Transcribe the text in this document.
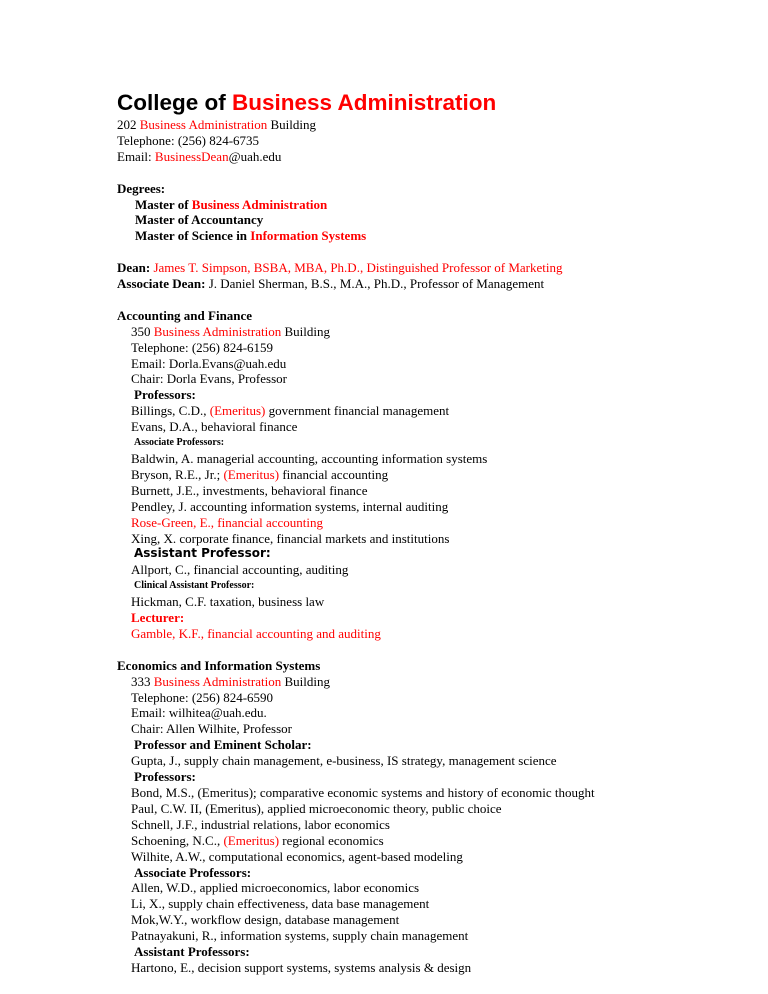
College of Business Administration
202 Business Administration Building
Telephone: (256) 824-6735
Email: BusinessDean@uah.edu
Degrees:
Master of Business Administration
Master of Accountancy
Master of Science in Information Systems
Dean: James T. Simpson, BSBA, MBA, Ph.D., Distinguished Professor of Marketing
Associate Dean: J. Daniel Sherman, B.S., M.A., Ph.D., Professor of Management
Accounting and Finance
350 Business Administration Building
Telephone: (256) 824-6159
Email: Dorla.Evans@uah.edu
Chair: Dorla Evans, Professor
Professors:
Billings, C.D., (Emeritus) government financial management
Evans, D.A., behavioral finance
Associate Professors:
Baldwin, A. managerial accounting, accounting information systems
Bryson, R.E., Jr.; (Emeritus) financial accounting
Burnett, J.E., investments, behavioral finance
Pendley, J. accounting information systems, internal auditing
Rose-Green, E., financial accounting
Xing, X. corporate finance, financial markets and institutions
Assistant Professor:
Allport, C., financial accounting, auditing
Clinical Assistant Professor:
Hickman, C.F. taxation, business law
Lecturer:
Gamble, K.F., financial accounting and auditing
Economics and Information Systems
333 Business Administration Building
Telephone: (256) 824-6590
Email: wilhitea@uah.edu.
Chair: Allen Wilhite, Professor
Professor and Eminent Scholar:
Gupta, J., supply chain management, e-business, IS strategy, management science
Professors:
Bond, M.S., (Emeritus); comparative economic systems and history of economic thought
Paul, C.W. II, (Emeritus), applied microeconomic theory, public choice
Schnell, J.F., industrial relations, labor economics
Schoening, N.C., (Emeritus) regional economics
Wilhite, A.W., computational economics, agent-based modeling
Associate Professors:
Allen, W.D., applied microeconomics, labor economics
Li, X., supply chain effectiveness, data base management
Mok,W.Y., workflow design, database management
Patnayakuni, R., information systems, supply chain management
Assistant Professors:
Hartono, E., decision support systems, systems analysis & design
